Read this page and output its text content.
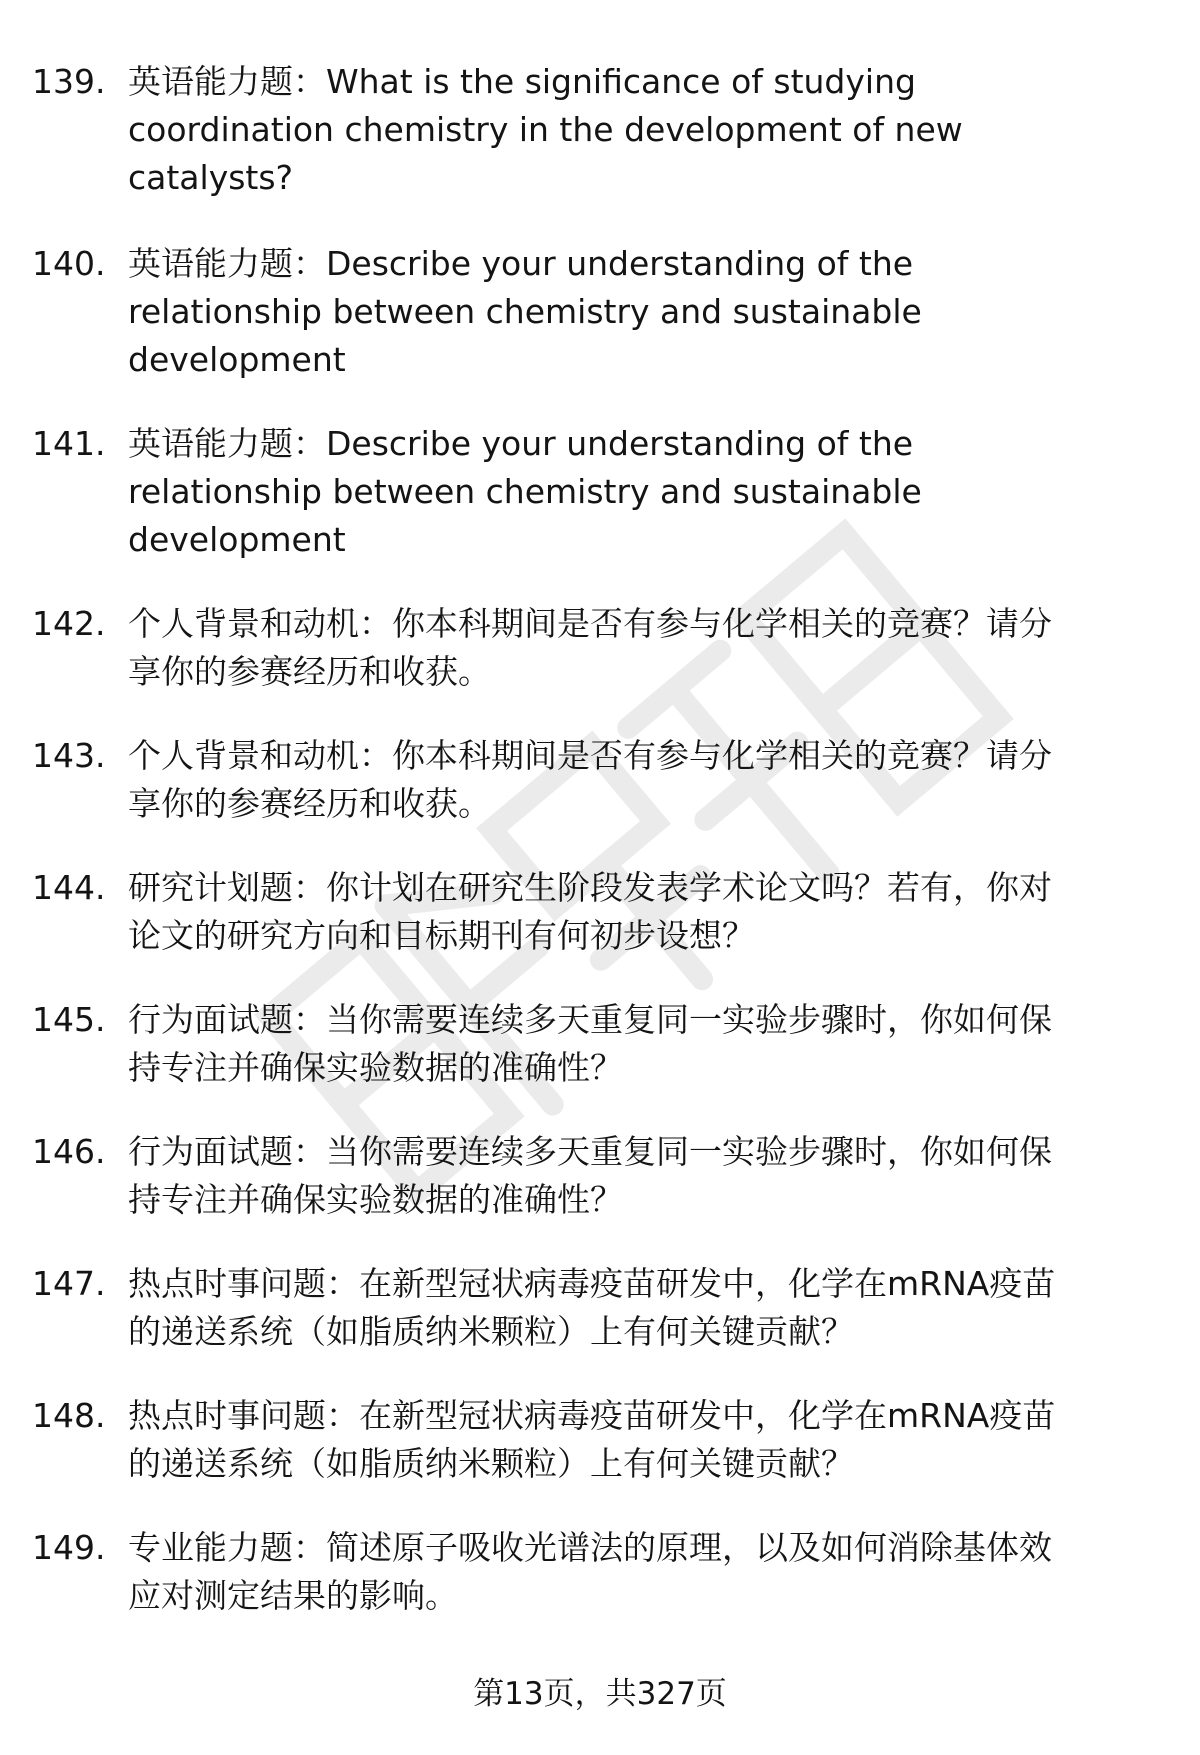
139. 英语能力题：What is the significance of studying
coordination chemistry in the development of new
catalysts?

140. 英语能力题：Describe your understanding of the
relationship between chemistry and sustainable
development

141. 英语能力题：Describe your understanding of the
relationship between chemistry and sustainable
development

142. 个人背景和动机：你本科期间是否有参与化学相关的竞赛？请分
享你的参赛经历和收获。

143. 个人背景和动机：你本科期间是否有参与化学相关的竞赛？请分
享你的参赛经历和收获。

144. 研究计划题：你计划在研究生阶段发表学术论文吗？若有，你对
论文的研究方向和目标期刊有何初步设想？

145. 行为面试题：当你需要连续多天重复同一实验步骤时，你如何保
持专注并确保实验数据的准确性？

146. 行为面试题：当你需要连续多天重复同一实验步骤时，你如何保
持专注并确保实验数据的准确性？

147. 热点时事问题：在新型冠状病毒疫苗研发中，化学在mRNA疫苗
的递送系统（如脂质纳米颗粒）上有何关键贡献？

148. 热点时事问题：在新型冠状病毒疫苗研发中，化学在mRNA疫苗
的递送系统（如脂质纳米颗粒）上有何关键贡献？

149. 专业能力题：简述原子吸收光谱法的原理，以及如何消除基体效
应对测定结果的影响。

第13页，共327页
